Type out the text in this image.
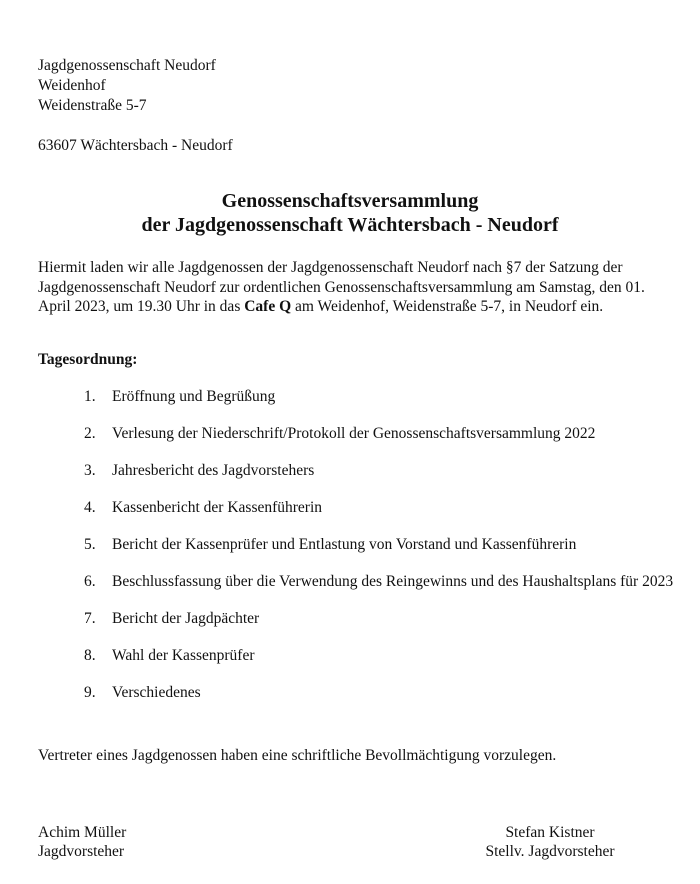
Jagdgenossenschaft Neudorf
Weidenhof
Weidenstraße 5-7
63607 Wächtersbach - Neudorf
Genossenschaftsversammlung
der Jagdgenossenschaft Wächtersbach - Neudorf
Hiermit laden wir alle Jagdgenossen der Jagdgenossenschaft Neudorf nach §7 der Satzung der Jagdgenossenschaft Neudorf zur ordentlichen Genossenschaftsversammlung am Samstag, den 01. April 2023, um 19.30 Uhr in das Cafe Q am Weidenhof, Weidenstraße 5-7, in Neudorf ein.
Tagesordnung:
1.	Eröffnung und Begrüßung
2.	Verlesung der Niederschrift/Protokoll der Genossenschaftsversammlung 2022
3.	Jahresbericht des Jagdvorstehers
4.	Kassenbericht der Kassenführerin
5.	Bericht der Kassenprüfer und Entlastung von Vorstand und Kassenführerin
6.	Beschlussfassung über die Verwendung des Reingewinns und des Haushaltsplans für 2023
7.	Bericht der Jagdpächter
8.	Wahl der Kassenprüfer
9.	Verschiedenes
Vertreter eines Jagdgenossen haben eine schriftliche Bevollmächtigung vorzulegen.
Achim Müller
Jagdvorsteher
Stefan Kistner
Stellv. Jagdvorsteher
